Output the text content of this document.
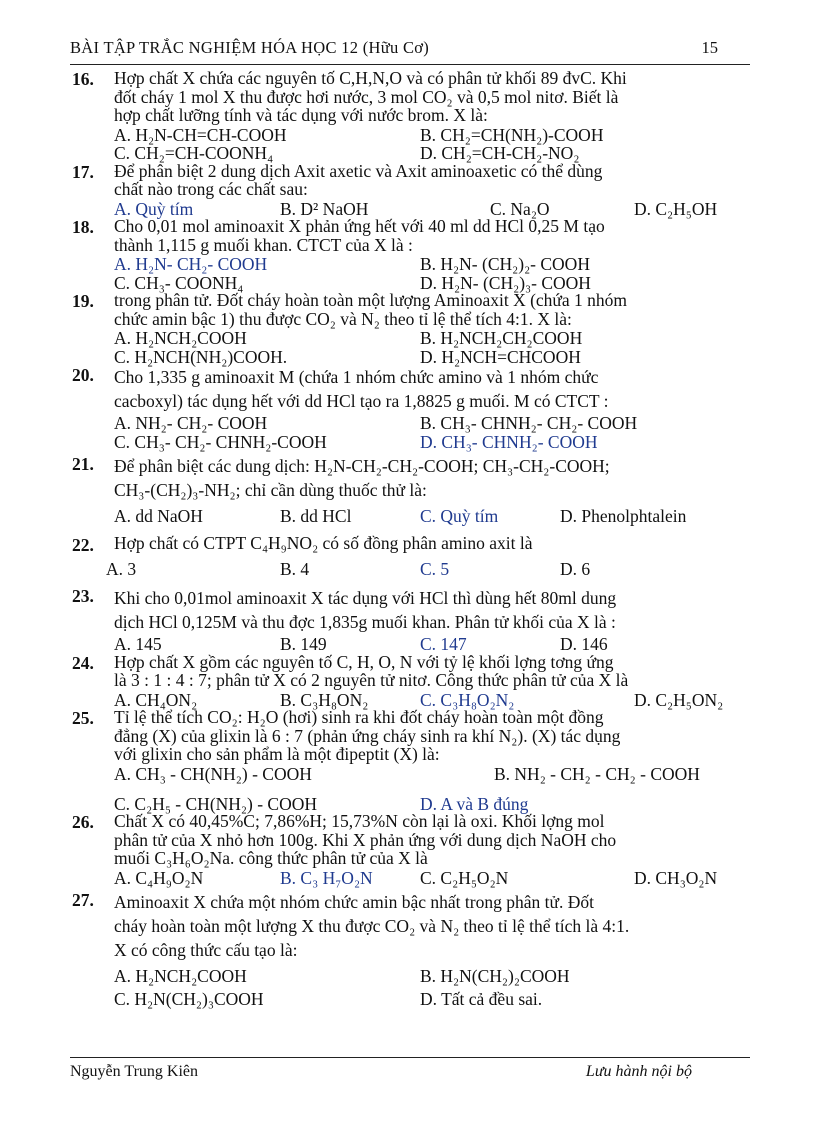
BÀI TẬP TRẮC NGHIỆM HÓA HỌC 12 (Hữu Cơ)	15
16. Hợp chất X chứa các nguyên tố C,H,N,O và có phân tử khối 89 đvC. Khi
đốt cháy 1 mol X thu được hơi nước, 3 mol CO₂ và 0,5 mol nitơ. Biết là
hợp chất lưỡng tính và tác dụng với nước brom. X là:
A. H₂N-CH=CH-COOH	B. CH₂=CH(NH₂)-COOH
C. CH₂=CH-COONH₄	D. CH₂=CH-CH₂-NO₂
17. Để phân biệt 2 dung dịch Axit axetic và Axit aminoaxetic có thể dùng
chất nào trong các chất sau:
A. Quỳ tím	B. D² NaOH	C. Na₂O	D. C₂H₅OH
18. Cho 0,01 mol aminoaxit X phản ứng hết với 40 ml dd HCl 0,25 M tạo
thành 1,115 g muối khan. CTCT của X là :
A. H₂N- CH₂- COOH	B. H₂N- (CH₂)₂- COOH
C. CH₃- COONH₄	D. H₂N- (CH₂)₃- COOH
19. trong phân tử. Đốt cháy hoàn toàn một lượng Aminoaxit X (chứa 1 nhóm
chức amin bậc 1) thu được CO₂ và N₂ theo tỉ lệ thể tích 4:1. X là:
A. H₂NCH₂COOH	B. H₂NCH₂CH₂COOH
C. H₂NCH(NH₂)COOH.	D. H₂NCH=CHCOOH
20. Cho 1,335 g aminoaxit M (chứa 1 nhóm chức amino và 1 nhóm chức
cacboxyl) tác dụng hết với dd HCl tạo ra 1,8825 g muối. M có CTCT :
A. NH₂- CH₂- COOH	B. CH₃- CHNH₂- CH₂- COOH
C. CH₃- CH₂- CHNH₂-COOH	D. CH₃- CHNH₂- COOH
21. Để phân biệt các dung dịch: H₂N-CH₂-CH₂-COOH; CH₃-CH₂-COOH;
CH₃-(CH₂)₃-NH₂; chỉ cần dùng thuốc thử là:
A. dd NaOH	B. dd HCl	C. Quỳ tím	D. Phenolphtalein
22. Hợp chất có CTPT C₄H₉NO₂ có số đồng phân amino axit là
A. 3	B. 4	C. 5	D. 6
23. Khi cho 0,01mol aminoaxit X tác dụng với HCl thì dùng hết 80ml dung
dịch HCl 0,125M và thu đợc 1,835g muối khan. Phân tử khối của X là :
A. 145	B. 149	C. 147	D. 146
24. Hợp chất X gồm các nguyên tố C, H, O, N với tỷ lệ khối lợng tơng ứng
là 3 : 1 : 4 : 7; phân tử X có 2 nguyên tử nitơ. Công thức phân tử của X là
A. CH₄ON₂	B. C₃H₈ON₂	C. C₃H₈O₂N₂	D. C₂H₅ON₂
25. Tỉ lệ thể tích CO₂: H₂O (hơi) sinh ra khi đốt cháy hoàn toàn một đồng
đẳng (X) của glixin là 6 : 7 (phản ứng cháy sinh ra khí N₂). (X) tác dụng
với glixin cho sản phẩm là một đipeptit (X) là:
A. CH₃ - CH(NH₂) - COOH	B. NH₂ - CH₂ - CH₂ - COOH
C. C₂H₅ - CH(NH₂) - COOH	D. A và B đúng
26. Chất X có 40,45%C; 7,86%H; 15,73%N còn lại là oxi. Khối lợng mol
phân tử của X nhỏ hơn 100g. Khi X phản ứng với dung dịch NaOH cho
muối C₃H₆O₂Na. công thức phân tử của X là
A. C₄H₉O₂N	B. C₃ H₇O₂N	C. C₂H₅O₂N	D. CH₃O₂N
27. Aminoaxit X chứa một nhóm chức amin bậc nhất trong phân tử. Đốt
cháy hoàn toàn một lượng X thu được CO₂ và N₂ theo tỉ lệ thể tích là 4:1.
X có công thức cấu tạo là:
A. H₂NCH₂COOH	B. H₂N(CH₂)₂COOH
C. H₂N(CH₂)₃COOH	D. Tất cả đều sai.
Nguyễn Trung Kiên	Lưu hành nội bộ
